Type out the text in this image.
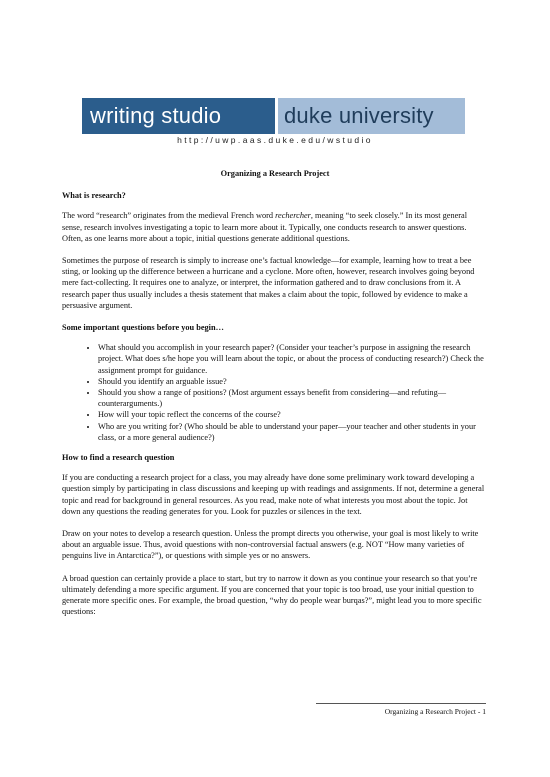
writing studio	duke university
http://uwp.aas.duke.edu/wstudio
Organizing a Research Project
What is research?

The word “research” originates from the medieval French word rechercher, meaning “to seek closely.” In its most general sense, research involves investigating a topic to learn more about it. Typically, one conducts research to answer questions. Often, as one learns more about a topic, initial questions generate additional questions.

Sometimes the purpose of research is simply to increase one’s factual knowledge—for example, learning how to treat a bee sting, or looking up the difference between a hurricane and a cyclone. More often, however, research involves going beyond mere fact-collecting. It requires one to analyze, or interpret, the information gathered and to draw conclusions from it. A research paper thus usually includes a thesis statement that makes a claim about the topic, followed by evidence to make a persuasive argument.

Some important questions before you begin…
• What should you accomplish in your research paper? (Consider your teacher’s purpose in assigning the research project. What does s/he hope you will learn about the topic, or about the process of conducting research?) Check the assignment prompt for guidance.
• Should you identify an arguable issue?
• Should you show a range of positions? (Most argument essays benefit from considering—and refuting—counterarguments.)
• How will your topic reflect the concerns of the course?
• Who are you writing for? (Who should be able to understand your paper—your teacher and other students in your class, or a more general audience?)
How to find a research question

If you are conducting a research project for a class, you may already have done some preliminary work toward developing a question simply by participating in class discussions and keeping up with readings and assignments. If not, determine a general topic and read for background in general resources. As you read, make note of what interests you most about the topic. Jot down any questions the reading generates for you. Look for puzzles or silences in the text.

Draw on your notes to develop a research question. Unless the prompt directs you otherwise, your goal is most likely to write about an arguable issue. Thus, avoid questions with non-controversial factual answers (e.g. NOT “How many varieties of penguins live in Antarctica?”), or questions with simple yes or no answers.

A broad question can certainly provide a place to start, but try to narrow it down as you continue your research so that you’re ultimately defending a more specific argument. If you are concerned that your topic is too broad, use your initial question to generate more specific ones. For example, the broad question, “why do people wear burqas?”, might lead you to more specific questions:

Organizing a Research Project - 1
